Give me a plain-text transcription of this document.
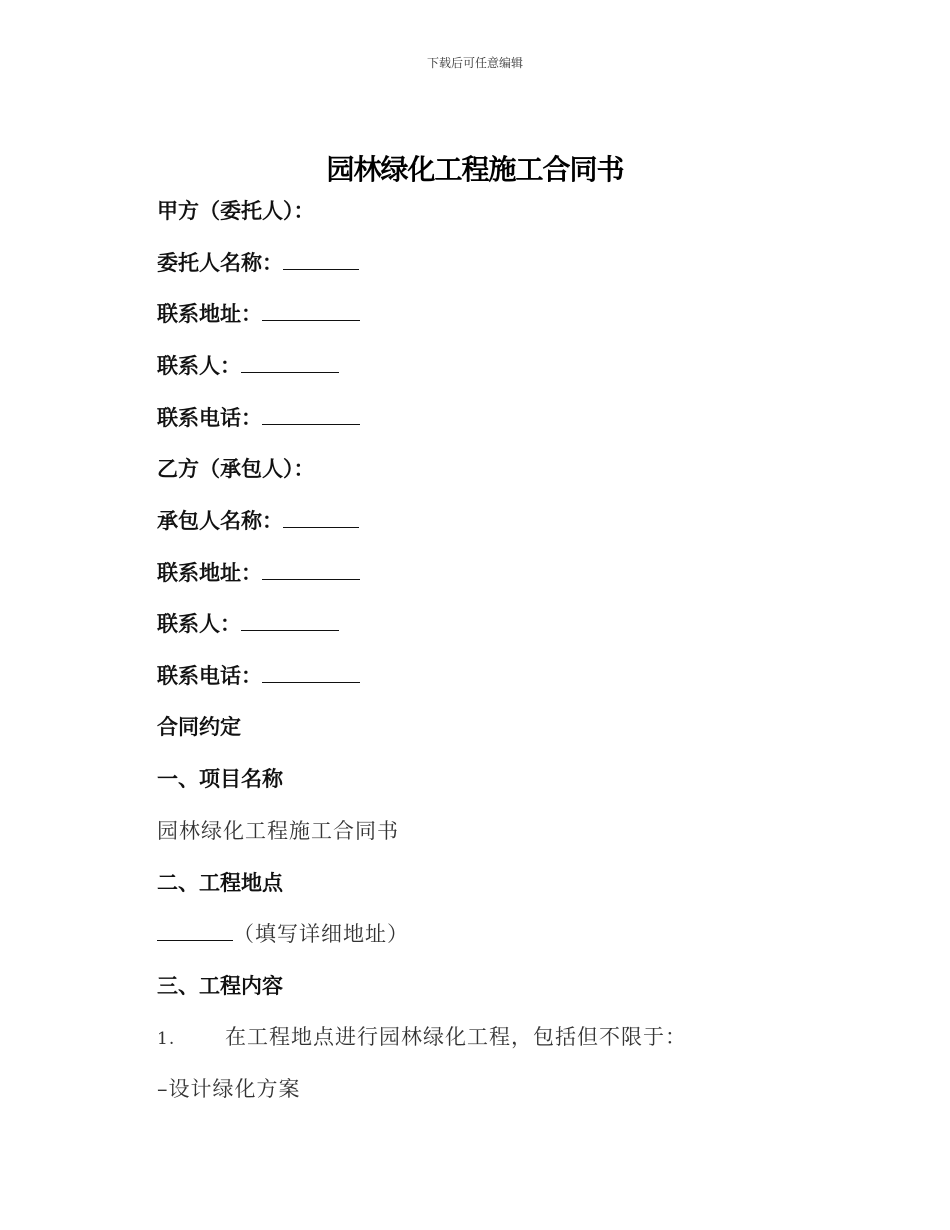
下载后可任意编辑
园林绿化工程施工合同书
甲方（委托人）：
委托人名称：
联系地址：
联系人：
联系电话：
乙方（承包人）：
承包人名称：
联系地址：
联系人：
联系电话：
合同约定
一、项目名称
园林绿化工程施工合同书
二、工程地点
（填写详细地址）
三、工程内容
1. 在工程地点进行园林绿化工程，包括但不限于：
–设计绿化方案
